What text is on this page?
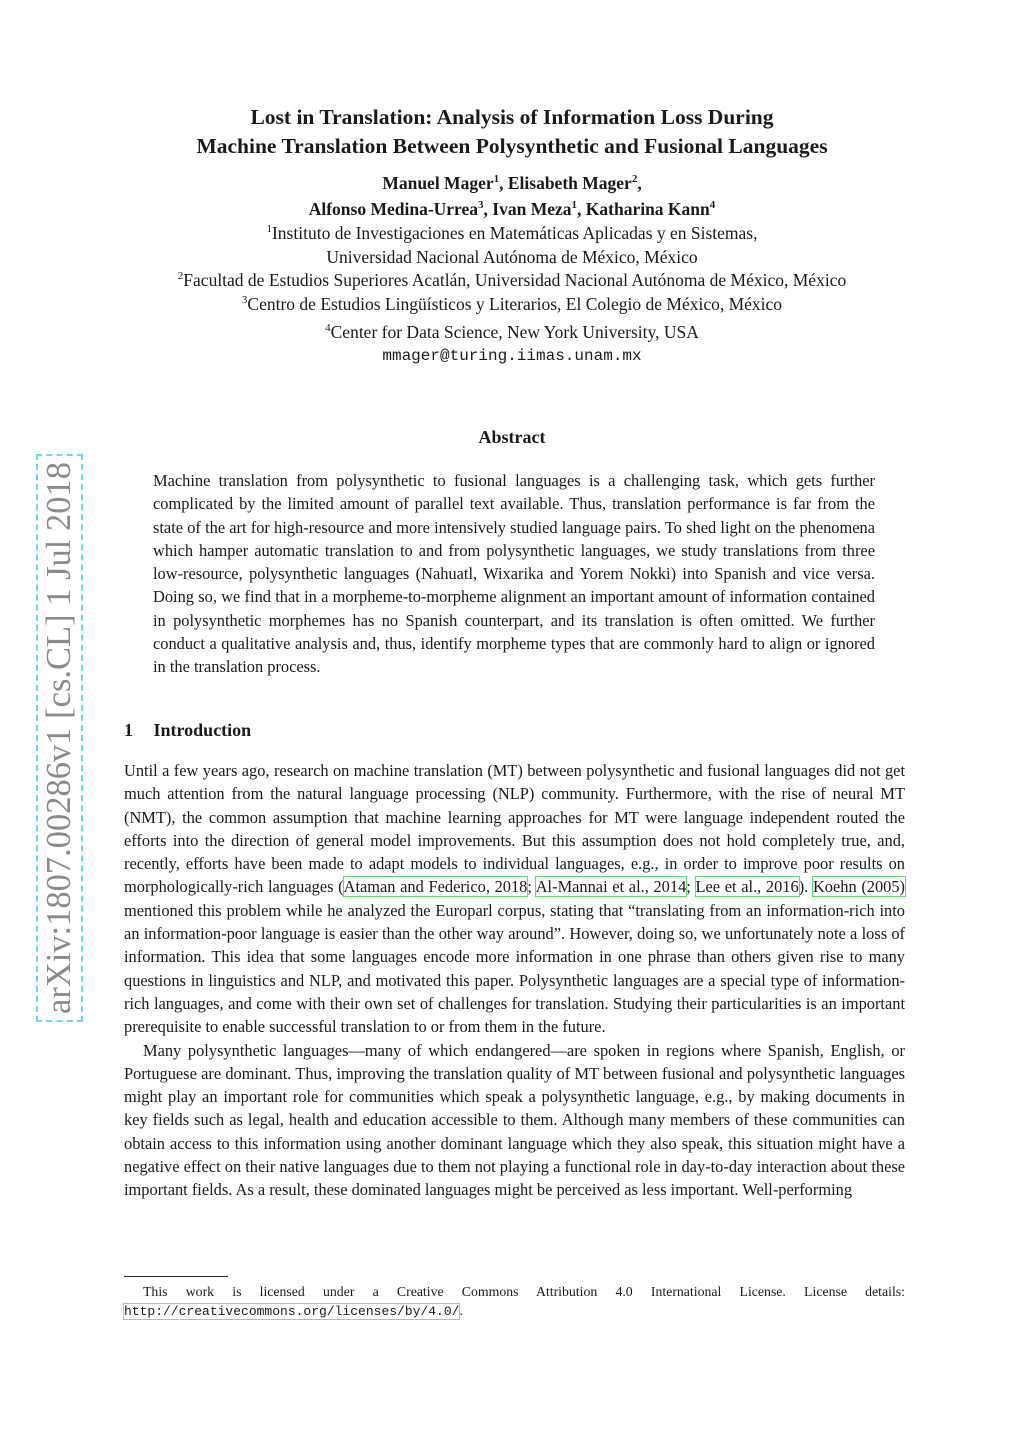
arXiv:1807.00286v1 [cs.CL] 1 Jul 2018
Lost in Translation: Analysis of Information Loss During
Machine Translation Between Polysynthetic and Fusional Languages
Manuel Mager$^1$, Elisabeth Mager$^2$,
Alfonso Medina-Urrea$^3$, Ivan Meza$^1$, Katharina Kann$^4$
$^1$Instituto de Investigaciones en Matemáticas Aplicadas y en Sistemas,
Universidad Nacional Autónoma de México, México
$^2$Facultad de Estudios Superiores Acatlán, Universidad Nacional Autónoma de México, México
$^3$Centro de Estudios Lingüísticos y Literarios, El Colegio de México, México
$^4$Center for Data Science, New York University, USA
mmager@turing.iimas.unam.mx
Abstract
Machine translation from polysynthetic to fusional languages is a challenging task, which gets further complicated by the limited amount of parallel text available. Thus, translation performance is far from the state of the art for high-resource and more intensively studied language pairs. To shed light on the phenomena which hamper automatic translation to and from polysynthetic languages, we study translations from three low-resource, polysynthetic languages (Nahuatl, Wixarika and Yorem Nokki) into Spanish and vice versa. Doing so, we find that in a morpheme-to-morpheme alignment an important amount of information contained in polysynthetic morphemes has no Spanish counterpart, and its translation is often omitted. We further conduct a qualitative analysis and, thus, identify morpheme types that are commonly hard to align or ignored in the translation process.
1 Introduction

Until a few years ago, research on machine translation (MT) between polysynthetic and fusional languages did not get much attention from the natural language processing (NLP) community. Furthermore, with the rise of neural MT (NMT), the common assumption that machine learning approaches for MT were language independent routed the efforts into the direction of general model improvements. But this assumption does not hold completely true, and, recently, efforts have been made to adapt models to individual languages, e.g., in order to improve poor results on morphologically-rich languages (Ataman and Federico, 2018; Al-Mannai et al., 2014; Lee et al., 2016). Koehn (2005) mentioned this problem while he analyzed the Europarl corpus, stating that “translating from an information-rich into an information-poor language is easier than the other way around”. However, doing so, we unfortunately note a loss of information. This idea that some languages encode more information in one phrase than others given rise to many questions in linguistics and NLP, and motivated this paper. Polysynthetic languages are a special type of information-rich languages, and come with their own set of challenges for translation. Studying their particularities is an important prerequisite to enable successful translation to or from them in the future.

Many polysynthetic languages—many of which endangered—are spoken in regions where Spanish, English, or Portuguese are dominant. Thus, improving the translation quality of MT between fusional and polysynthetic languages might play an important role for communities which speak a polysynthetic language, e.g., by making documents in key fields such as legal, health and education accessible to them. Although many members of these communities can obtain access to this information using another dominant language which they also speak, this situation might have a negative effect on their native languages due to them not playing a functional role in day-to-day interaction about these important fields. As a result, these dominated languages might be perceived as less important. Well-performing

This work is licensed under a Creative Commons Attribution 4.0 International License. License details: http://creativecommons.org/licenses/by/4.0/.
